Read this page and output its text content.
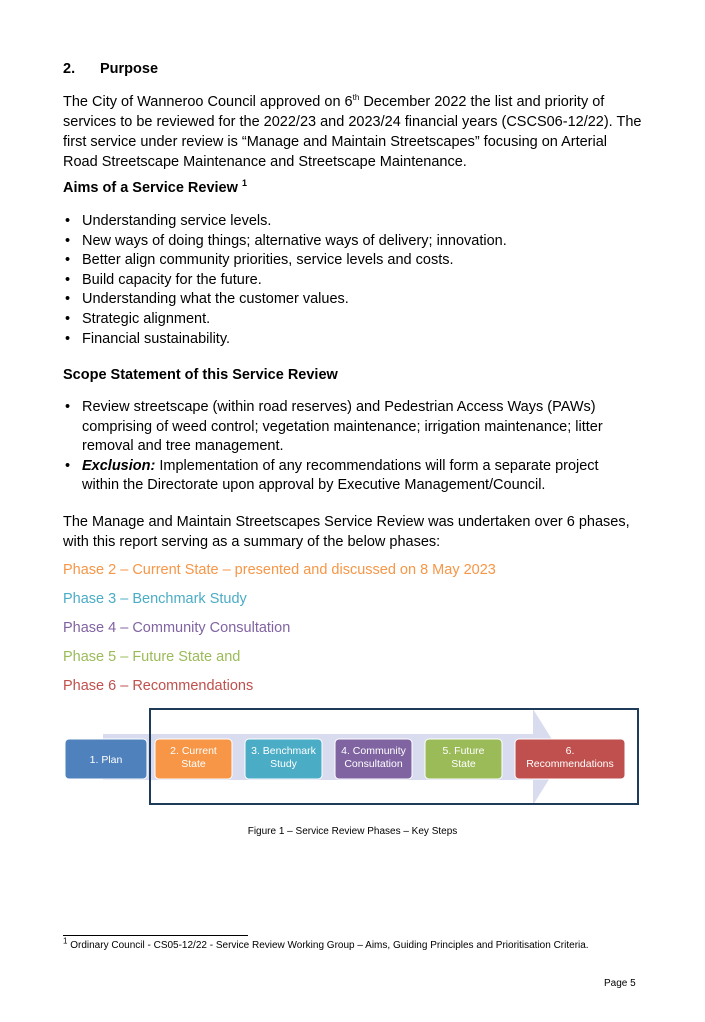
2. Purpose
The City of Wanneroo Council approved on 6th December 2022 the list and priority of services to be reviewed for the 2022/23 and 2023/24 financial years (CSCS06-12/22). The first service under review is “Manage and Maintain Streetscapes” focusing on Arterial Road Streetscape Maintenance and Streetscape Maintenance.
Aims of a Service Review $^1$
• Understanding service levels.
• New ways of doing things; alternative ways of delivery; innovation.
• Better align community priorities, service levels and costs.
• Build capacity for the future.
• Understanding what the customer values.
• Strategic alignment.
• Financial sustainability.
Scope Statement of this Service Review
• Review streetscape (within road reserves) and Pedestrian Access Ways (PAWs) comprising of weed control; vegetation maintenance; irrigation maintenance; litter removal and tree management.
• Exclusion: Implementation of any recommendations will form a separate project within the Directorate upon approval by Executive Management/Council.
The Manage and Maintain Streetscapes Service Review was undertaken over 6 phases, with this report serving as a summary of the below phases:
Phase 2 – Current State – presented and discussed on 8 May 2023
Phase 3 – Benchmark Study
Phase 4 – Community Consultation
Phase 5 – Future State and
Phase 6 – Recommendations
1. Plan
2. Current
State
3. Benchmark
Study
4. Community
Consultation
5. Future
State
6.
Recommendations
Figure 1 – Service Review Phases – Key Steps
$^1$ Ordinary Council - CS05-12/22 - Service Review Working Group – Aims, Guiding Principles and Prioritisation Criteria.
Page 5
